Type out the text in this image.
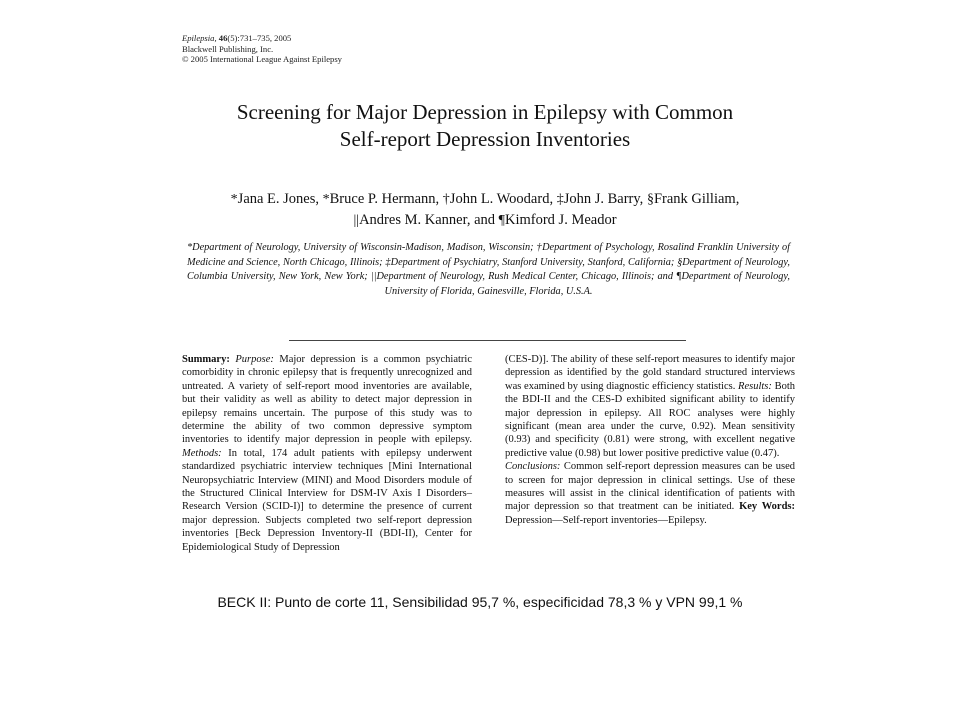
Epilepsia, 46(5):731–735, 2005
Blackwell Publishing, Inc.
© 2005 International League Against Epilepsy
Screening for Major Depression in Epilepsy with Common
Self-report Depression Inventories
*Jana E. Jones, *Bruce P. Hermann, †John L. Woodard, ‡John J. Barry, §Frank Gilliam,
||Andres M. Kanner, and ¶Kimford J. Meador
*Department of Neurology, University of Wisconsin-Madison, Madison, Wisconsin; †Department of Psychology, Rosalind Franklin University of Medicine and Science, North Chicago, Illinois; ‡Department of Psychiatry, Stanford University, Stanford, California; §Department of Neurology, Columbia University, New York, New York; ||Department of Neurology, Rush Medical Center, Chicago, Illinois; and ¶Department of Neurology, University of Florida, Gainesville, Florida, U.S.A.

Summary: Purpose: Major depression is a common psychiatric comorbidity in chronic epilepsy that is frequently unrecognized and untreated. A variety of self-report mood inventories are available, but their validity as well as ability to detect major depression in epilepsy remains uncertain. The purpose of this study was to determine the ability of two common depressive symptom inventories to identify major depression in people with epilepsy. Methods: In total, 174 adult patients with epilepsy underwent standardized psychiatric interview techniques [Mini International Neuropsychiatric Interview (MINI) and Mood Disorders module of the Structured Clinical Interview for DSM-IV Axis I Disorders–Research Version (SCID-I)] to determine the presence of current major depression. Subjects completed two self-report depression inventories [Beck Depression Inventory-II (BDI-II), Center for Epidemiological Study of Depression

(CES-D)]. The ability of these self-report measures to identify major depression as identified by the gold standard structured interviews was examined by using diagnostic efficiency statistics. Results: Both the BDI-II and the CES-D exhibited significant ability to identify major depression in epilepsy. All ROC analyses were highly significant (mean area under the curve, 0.92). Mean sensitivity (0.93) and specificity (0.81) were strong, with excellent negative predictive value (0.98) but lower positive predictive value (0.47).

Conclusions: Common self-report depression measures can be used to screen for major depression in clinical settings. Use of these measures will assist in the clinical identification of patients with major depression so that treatment can be initiated. Key Words: Depression—Self-report inventories—Epilepsy.

BECK II: Punto de corte 11, Sensibilidad 95,7 %, especificidad 78,3 % y VPN 99,1 %
